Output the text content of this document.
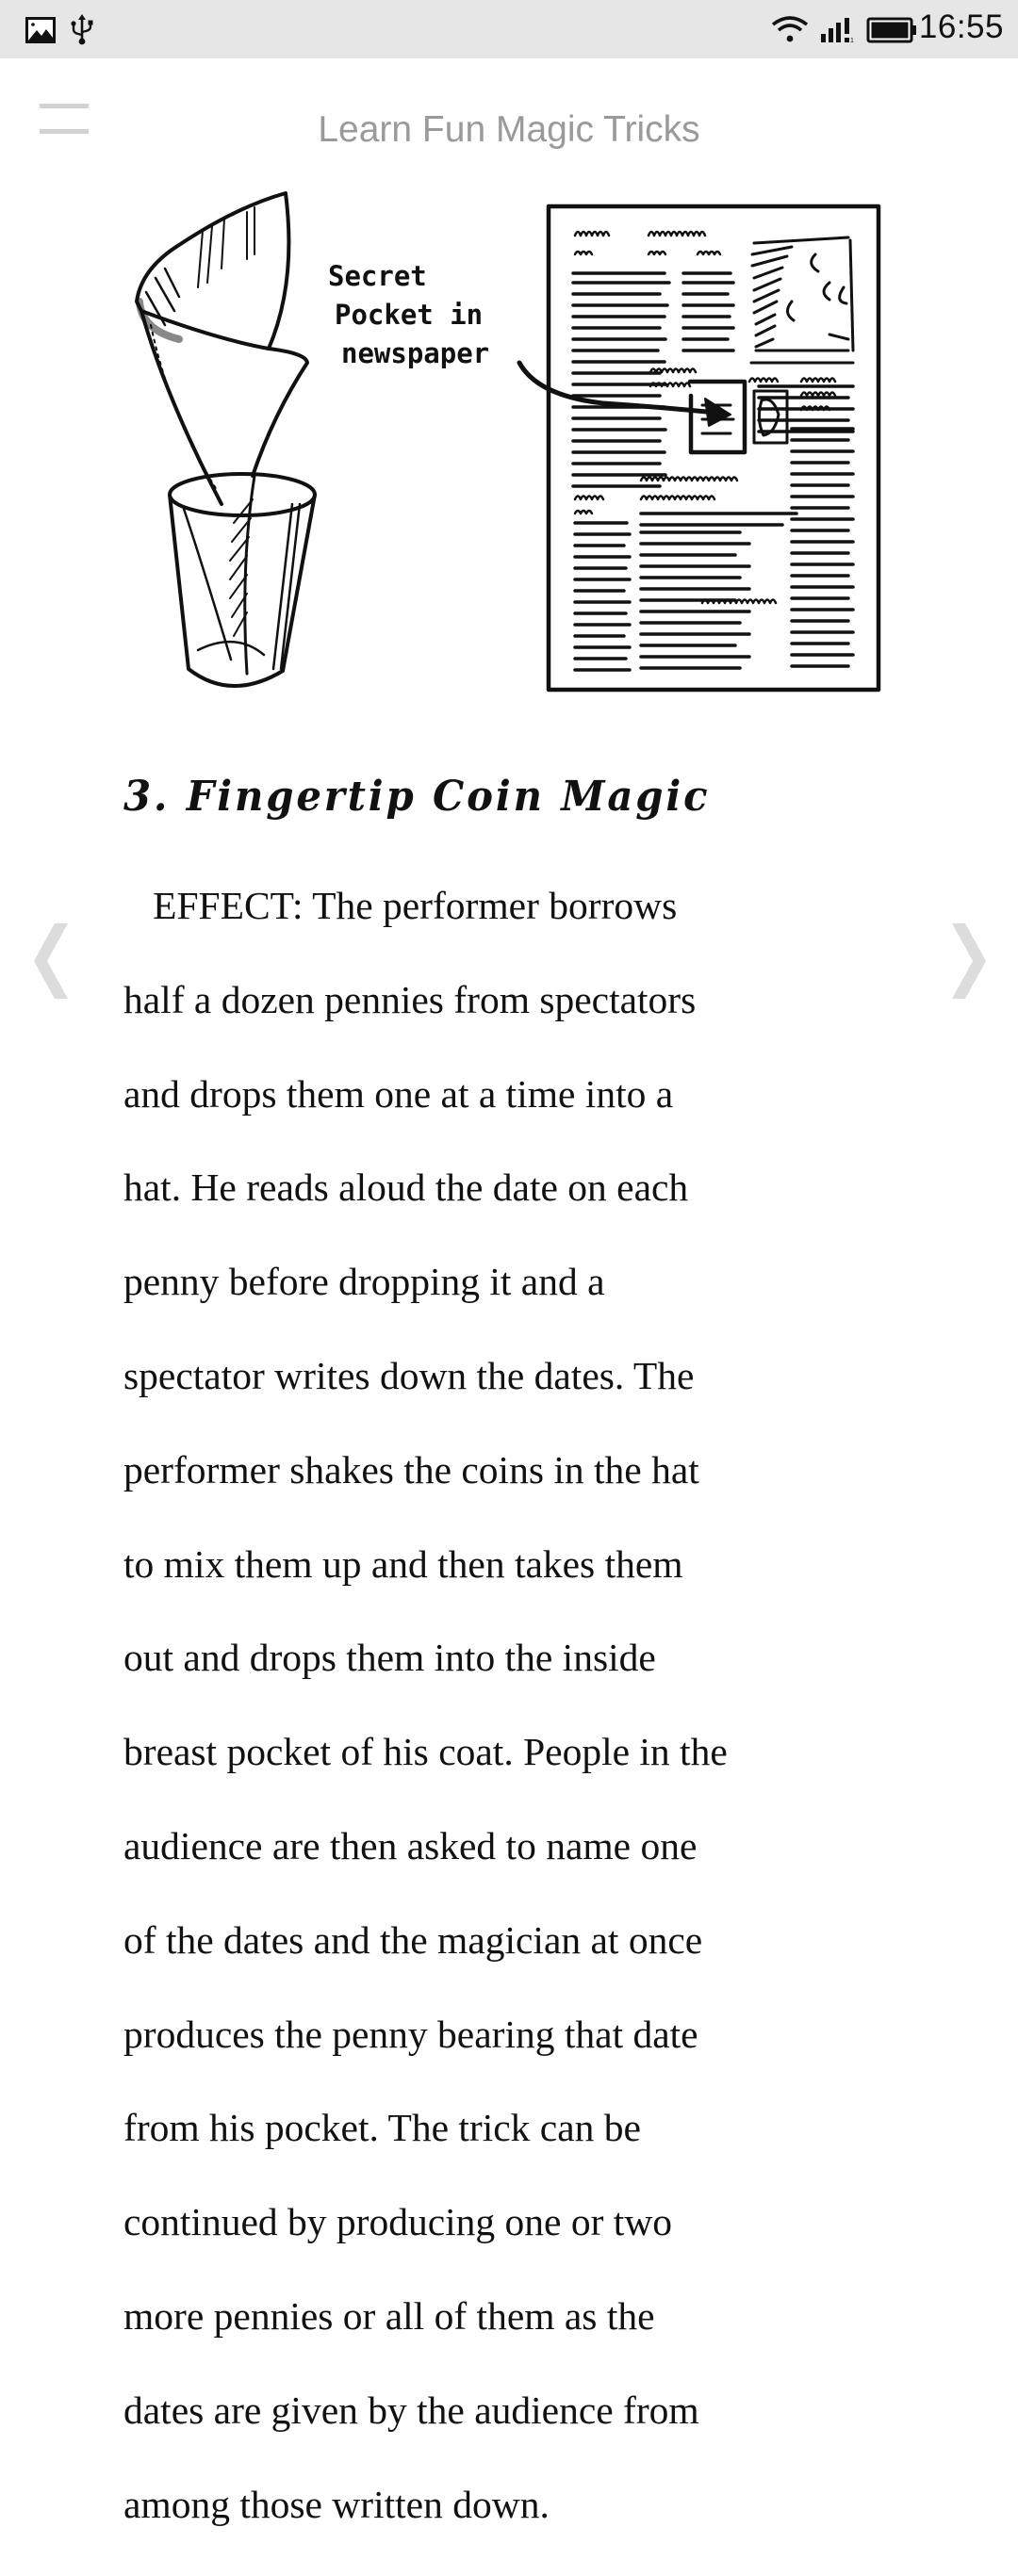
1 16:55
Learn Fun Magic Tricks
Secret
Pocket in
newspaper
3. Fingertip Coin Magic

EFFECT: The performer borrows

half a dozen pennies from spectators

and drops them one at a time into a

hat. He reads aloud the date on each

penny before dropping it and a

spectator writes down the dates. The

performer shakes the coins in the hat

to mix them up and then takes them

out and drops them into the inside

breast pocket of his coat. People in the

audience are then asked to name one

of the dates and the magician at once

produces the penny bearing that date

from his pocket. The trick can be

continued by producing one or two

more pennies or all of them as the

dates are given by the audience from

among those written down.
